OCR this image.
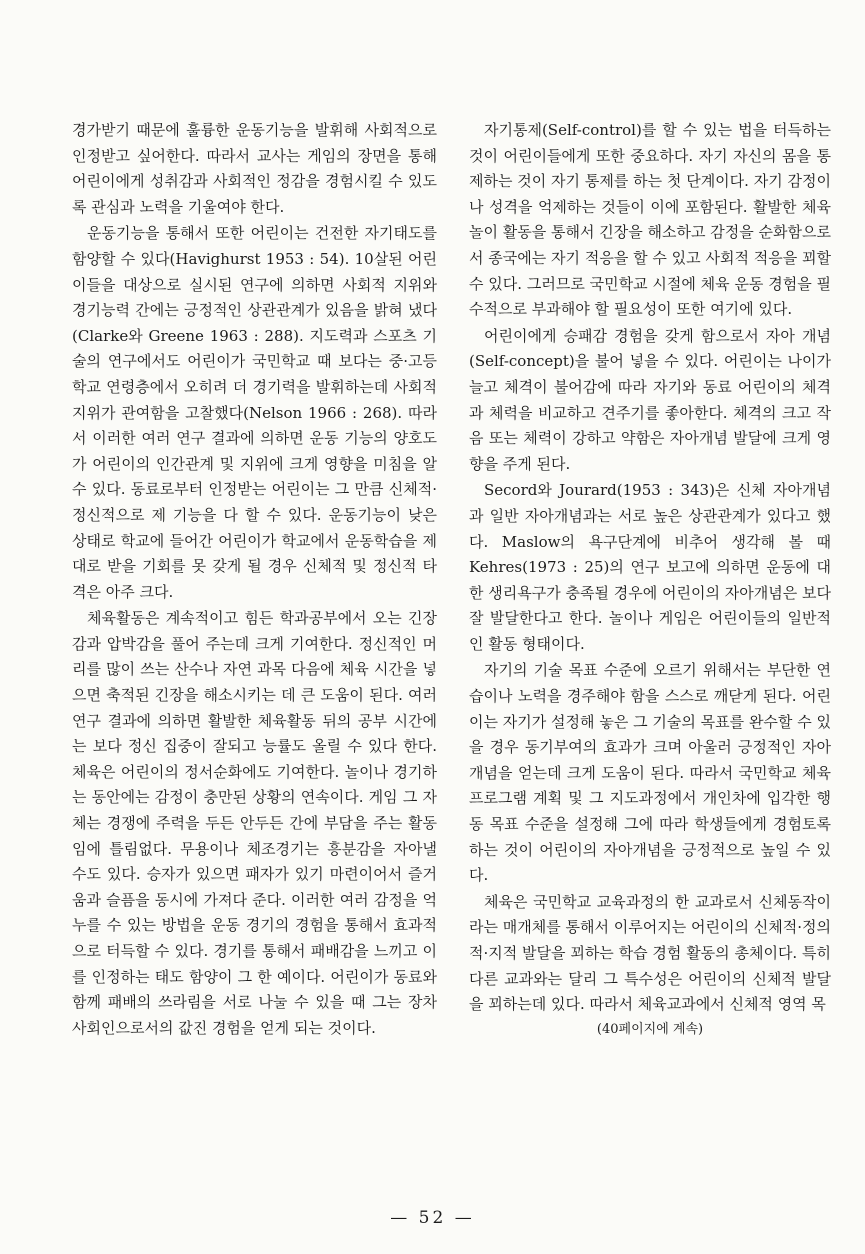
경가받기 때문에 훌륭한 운동기능을 발휘해 사회적으로 인정받고 싶어한다. 따라서 교사는 게임의 장면을 통해 어린이에게 성취감과 사회적인 정감을 경험시킬 수 있도록 관심과 노력을 기울여야 한다.

운동기능을 통해서 또한 어린이는 건전한 자기태도를 함양할 수 있다(Havighurst 1953 : 54). 10살된 어린이들을 대상으로 실시된 연구에 의하면 사회적 지위와 경기능력 간에는 긍정적인 상관관계가 있음을 밝혀 냈다(Clarke와 Greene 1963 : 288). 지도력과 스포츠 기술의 연구에서도 어린이가 국민학교 때 보다는 중·고등학교 연령층에서 오히려 더 경기력을 발휘하는데 사회적 지위가 관여함을 고찰했다(Nelson 1966 : 268). 따라서 이러한 여러 연구 결과에 의하면 운동 기능의 양호도가 어린이의 인간관계 및 지위에 크게 영향을 미침을 알 수 있다. 동료로부터 인정받는 어린이는 그 만큼 신체적·정신적으로 제 기능을 다 할 수 있다. 운동기능이 낮은 상태로 학교에 들어간 어린이가 학교에서 운동학습을 제대로 받을 기회를 못 갖게 될 경우 신체적 및 정신적 타격은 아주 크다.

체육활동은 계속적이고 힘든 학과공부에서 오는 긴장감과 압박감을 풀어 주는데 크게 기여한다. 정신적인 머리를 많이 쓰는 산수나 자연 과목 다음에 체육 시간을 넣으면 축적된 긴장을 해소시키는 데 큰 도움이 된다. 여러 연구 결과에 의하면 활발한 체육활동 뒤의 공부 시간에는 보다 정신 집중이 잘되고 능률도 올릴 수 있다 한다. 체육은 어린이의 정서순화에도 기여한다. 놀이나 경기하는 동안에는 감정이 충만된 상황의 연속이다. 게임 그 자체는 경쟁에 주력을 두든 안두든 간에 부담을 주는 활동임에 틀림없다. 무용이나 체조경기는 흥분감을 자아낼 수도 있다. 승자가 있으면 패자가 있기 마련이어서 즐거움과 슬픔을 동시에 가져다 준다. 이러한 여러 감정을 억누를 수 있는 방법을 운동 경기의 경험을 통해서 효과적으로 터득할 수 있다. 경기를 통해서 패배감을 느끼고 이를 인정하는 태도 함양이 그 한 예이다. 어린이가 동료와 함께 패배의 쓰라림을 서로 나눌 수 있을 때 그는 장차 사회인으로서의 값진 경험을 얻게 되는 것이다.

자기통제(Self-control)를 할 수 있는 법을 터득하는 것이 어린이들에게 또한 중요하다. 자기 자신의 몸을 통제하는 것이 자기 통제를 하는 첫 단계이다. 자기 감정이나 성격을 억제하는 것들이 이에 포함된다. 활발한 체육 놀이 활동을 통해서 긴장을 해소하고 감정을 순화함으로서 종국에는 자기 적응을 할 수 있고 사회적 적응을 꾀할 수 있다. 그러므로 국민학교 시절에 체육 운동 경험을 필수적으로 부과해야 할 필요성이 또한 여기에 있다.

어린이에게 승패감 경험을 갖게 함으로서 자아 개념(Self-concept)을 불어 넣을 수 있다. 어린이는 나이가 늘고 체격이 불어감에 따라 자기와 동료 어린이의 체격과 체력을 비교하고 견주기를 좋아한다. 체격의 크고 작음 또는 체력이 강하고 약함은 자아개념 발달에 크게 영향을 주게 된다.

Secord와 Jourard(1953 : 343)은 신체 자아개념과 일반 자아개념과는 서로 높은 상관관계가 있다고 했다. Maslow의 욕구단계에 비추어 생각해 볼 때 Kehres(1973 : 25)의 연구 보고에 의하면 운동에 대한 생리욕구가 충족될 경우에 어린이의 자아개념은 보다 잘 발달한다고 한다. 놀이나 게임은 어린이들의 일반적인 활동 형태이다.

자기의 기술 목표 수준에 오르기 위해서는 부단한 연습이나 노력을 경주해야 함을 스스로 깨닫게 된다. 어린이는 자기가 설정해 놓은 그 기술의 목표를 완수할 수 있을 경우 동기부여의 효과가 크며 아울러 긍정적인 자아 개념을 얻는데 크게 도움이 된다. 따라서 국민학교 체육 프로그램 계획 및 그 지도과정에서 개인차에 입각한 행동 목표 수준을 설정해 그에 따라 학생들에게 경험토록 하는 것이 어린이의 자아개념을 긍정적으로 높일 수 있다.

체육은 국민학교 교육과정의 한 교과로서 신체동작이라는 매개체를 통해서 이루어지는 어린이의 신체적·정의적·지적 발달을 꾀하는 학습 경험 활동의 총체이다. 특히 다른 교과와는 달리 그 특수성은 어린이의 신체적 발달을 꾀하는데 있다. 따라서 체육교과에서 신체적 영역 목

(40페이지에 계속)

— 52 —
